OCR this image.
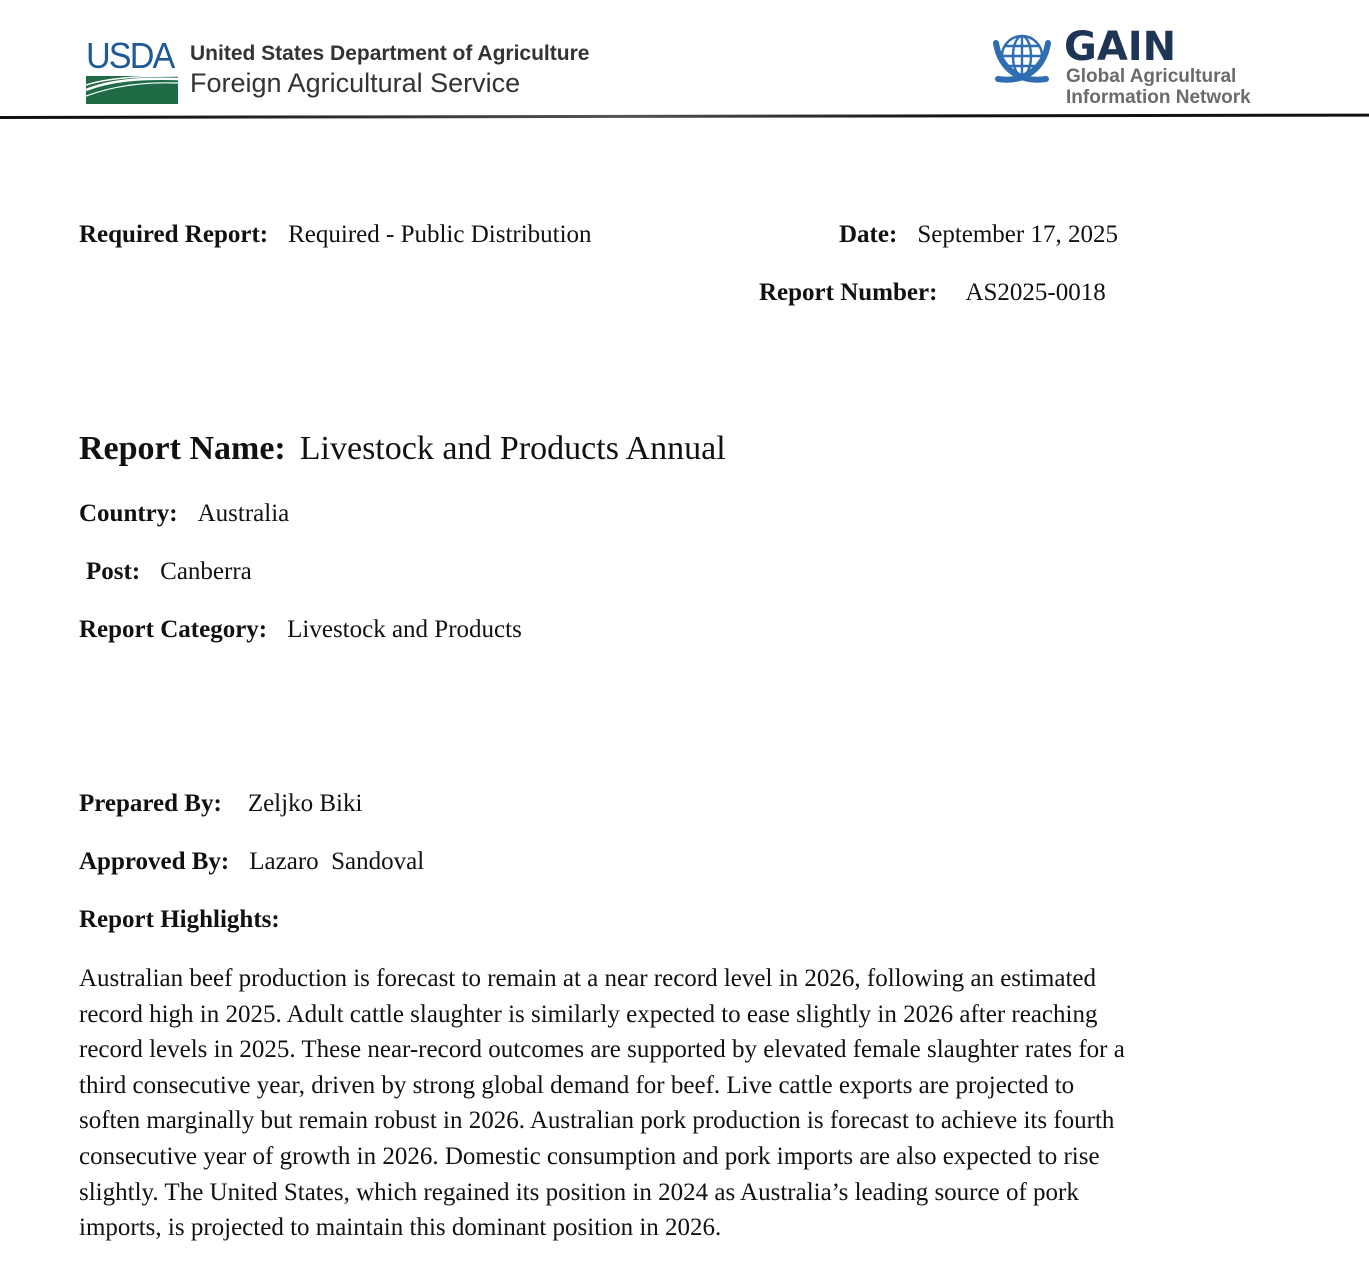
USDA United States Department of Agriculture
Foreign Agricultural Service
GAIN
Global Agricultural
Information Network
Required Report: Required - Public Distribution	Date: September 17, 2025
Report Number: AS2025-0018
Report Name: Livestock and Products Annual
Country: Australia
Post: Canberra
Report Category: Livestock and Products
Prepared By: Zeljko Biki
Approved By: Lazaro  Sandoval
Report Highlights:
Australian beef production is forecast to remain at a near record level in 2026, following an estimated
record high in 2025. Adult cattle slaughter is similarly expected to ease slightly in 2026 after reaching
record levels in 2025. These near-record outcomes are supported by elevated female slaughter rates for a
third consecutive year, driven by strong global demand for beef. Live cattle exports are projected to
soften marginally but remain robust in 2026. Australian pork production is forecast to achieve its fourth
consecutive year of growth in 2026. Domestic consumption and pork imports are also expected to rise
slightly. The United States, which regained its position in 2024 as Australia’s leading source of pork
imports, is projected to maintain this dominant position in 2026.
